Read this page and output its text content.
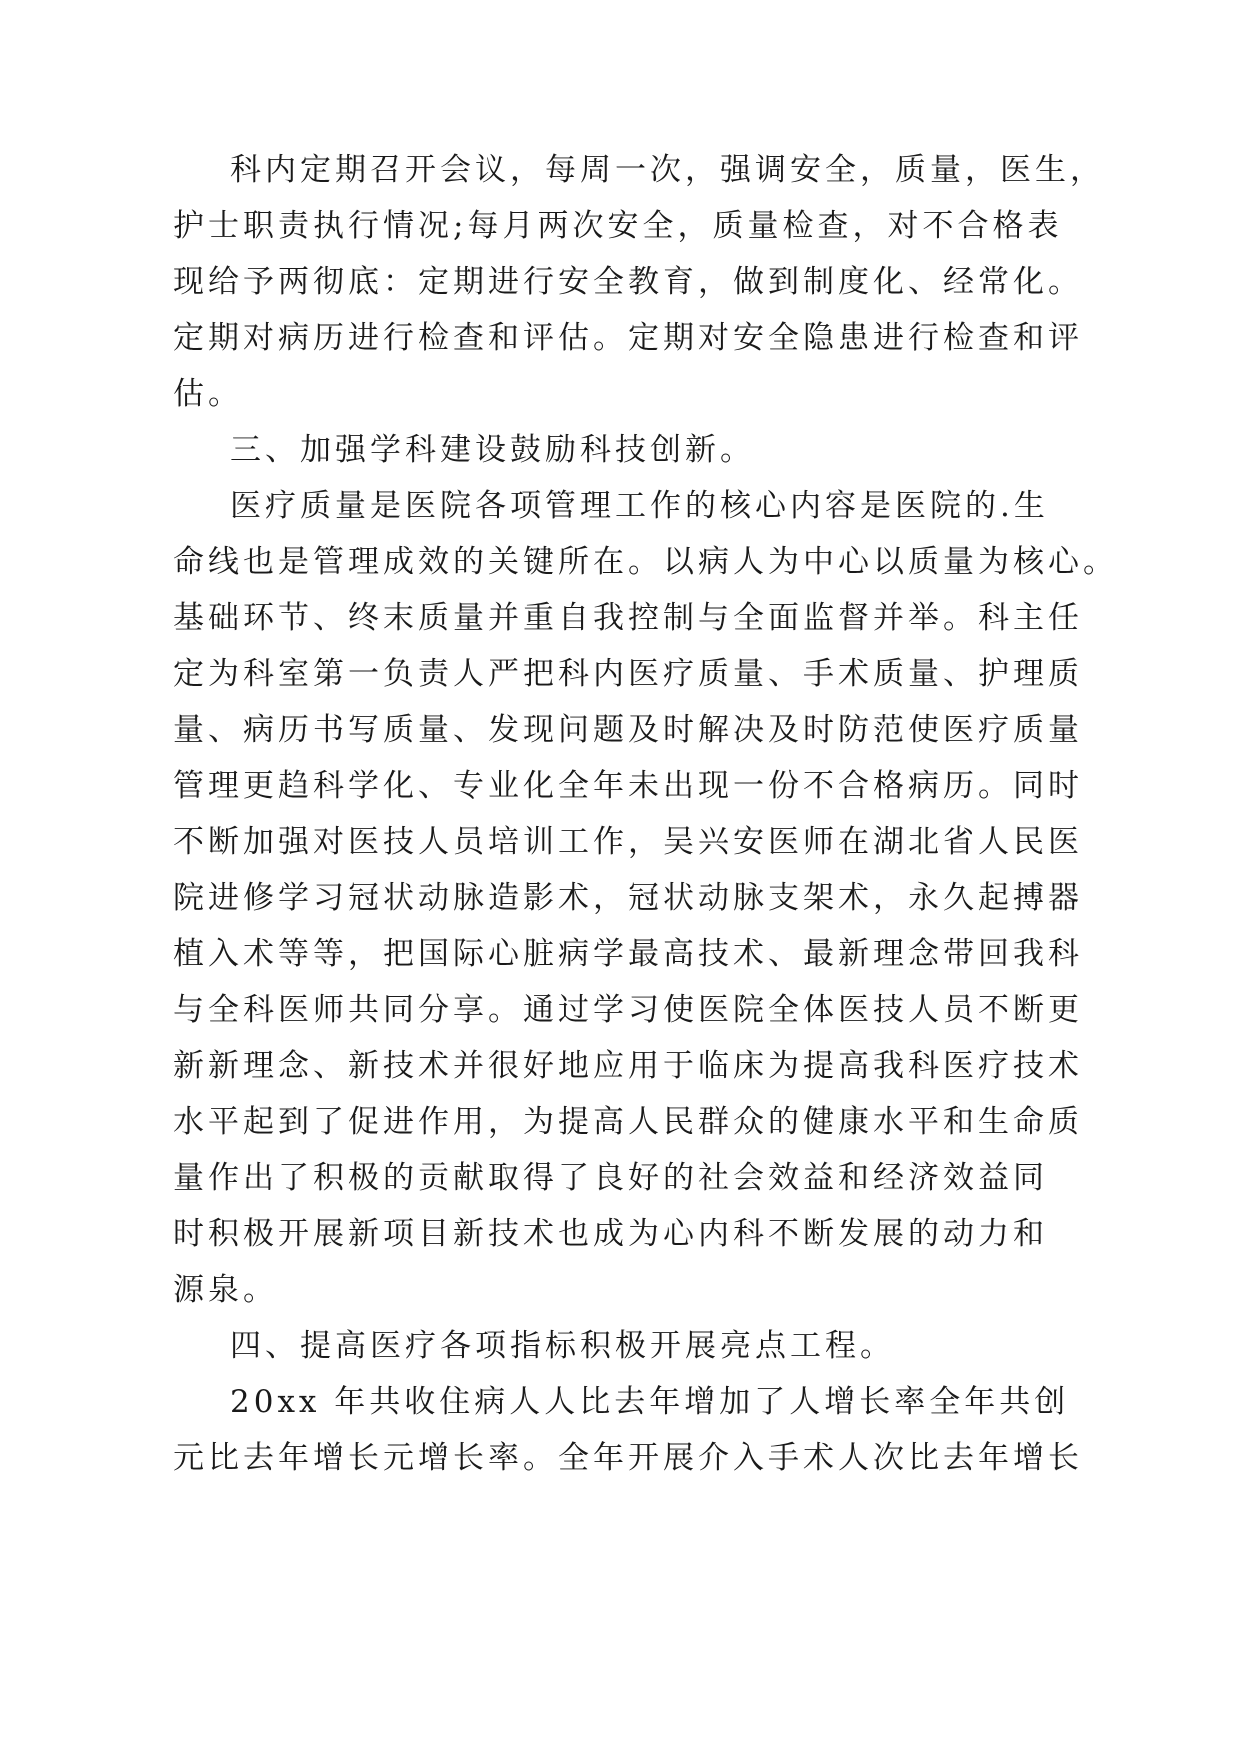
科内定期召开会议，每周一次，强调安全，质量，医生，
护士职责执行情况;每月两次安全，质量检查，对不合格表
现给予两彻底：定期进行安全教育，做到制度化、经常化。
定期对病历进行检查和评估。定期对安全隐患进行检查和评
估。
三、加强学科建设鼓励科技创新。
医疗质量是医院各项管理工作的核心内容是医院的.生
命线也是管理成效的关键所在。以病人为中心以质量为核心。
基础环节、终末质量并重自我控制与全面监督并举。科主任
定为科室第一负责人严把科内医疗质量、手术质量、护理质
量、病历书写质量、发现问题及时解决及时防范使医疗质量
管理更趋科学化、专业化全年未出现一份不合格病历。同时
不断加强对医技人员培训工作，吴兴安医师在湖北省人民医
院进修学习冠状动脉造影术，冠状动脉支架术，永久起搏器
植入术等等，把国际心脏病学最高技术、最新理念带回我科
与全科医师共同分享。通过学习使医院全体医技人员不断更
新新理念、新技术并很好地应用于临床为提高我科医疗技术
水平起到了促进作用，为提高人民群众的健康水平和生命质
量作出了积极的贡献取得了良好的社会效益和经济效益同
时积极开展新项目新技术也成为心内科不断发展的动力和
源泉。
四、提高医疗各项指标积极开展亮点工程。
20xx 年共收住病人人比去年增加了人增长率全年共创
元比去年增长元增长率。全年开展介入手术人次比去年增长
